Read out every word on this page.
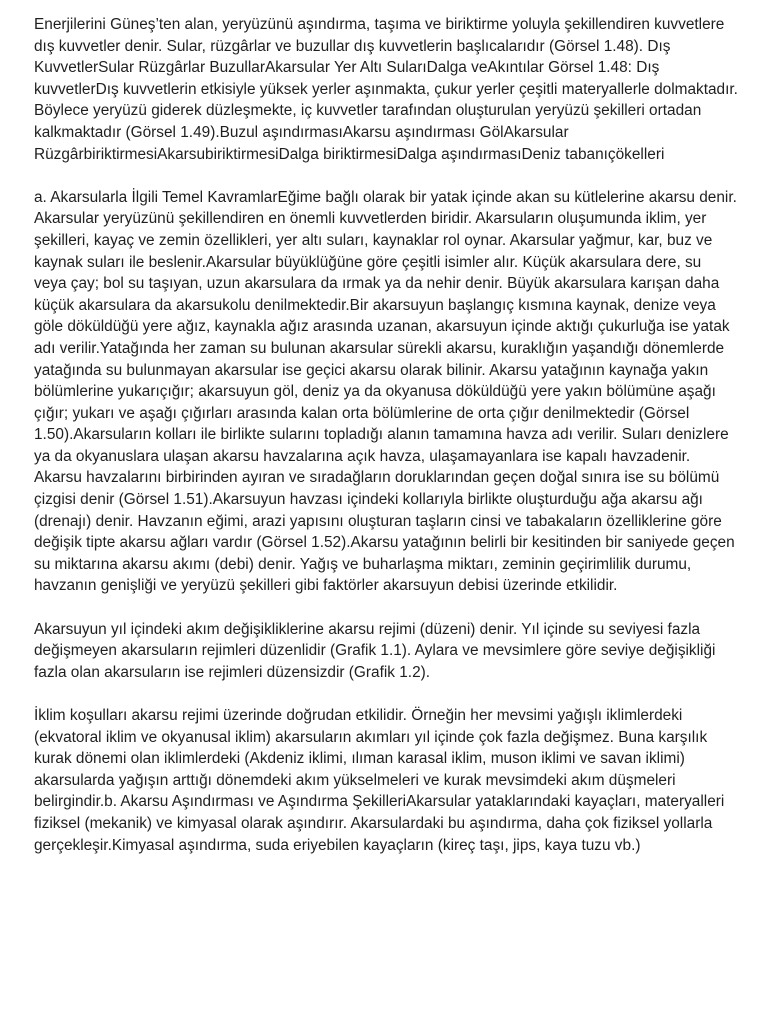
Enerjilerini Güneş’ten alan, yeryüzünü aşındırma, taşıma ve biriktirme yoluyla şekillendiren kuvvetlere dış kuvvetler denir. Sular, rüzgârlar ve buzullar dış kuvvetlerin başlıcalarıdır (Görsel 1.48). Dış KuvvetlerSular Rüzgârlar BuzullarAkarsular Yer Altı SularıDalga veAkıntılar Görsel 1.48: Dış kuvvetlerDış kuvvetlerin etkisiyle yüksek yerler aşınmakta, çukur yerler çeşitli materyallerle dolmaktadır. Böylece yeryüzü giderek düzleşmekte, iç kuvvetler tarafından oluşturulan yeryüzü şekilleri ortadan kalkmaktadır (Görsel 1.49).Buzul aşındırmasıAkarsu aşındırması GölAkarsular RüzgârbiriktirmesiAkarsubiriktirmesiDalga biriktirmesiDalga aşındırmasıDeniz tabanıçökelleri

a. Akarsularla İlgili Temel KavramlarEğime bağlı olarak bir yatak içinde akan su kütlelerine akarsu denir. Akarsular yeryüzünü şekillendiren en önemli kuvvetlerden biridir. Akarsuların oluşumunda iklim, yer şekilleri, kayaç ve zemin özellikleri, yer altı suları, kaynaklar rol oynar. Akarsular yağmur, kar, buz ve kaynak suları ile beslenir.Akarsular büyüklüğüne göre çeşitli isimler alır. Küçük akarsulara dere, su veya çay; bol su taşıyan, uzun akarsulara da ırmak ya da nehir denir. Büyük akarsulara karışan daha küçük akarsulara da akarsukolu denilmektedir.Bir akarsuyun başlangıç kısmına kaynak, denize veya göle döküldüğü yere ağız, kaynakla ağız arasında uzanan, akarsuyun içinde aktığı çukurluğa ise yatak adı verilir.Yatağında her zaman su bulunan akarsular sürekli akarsu, kuraklığın yaşandığı dönemlerde yatağında su bulunmayan akarsular ise geçici akarsu olarak bilinir. Akarsu yatağının kaynağa yakın bölümlerine yukarıçığır; akarsuyun göl, deniz ya da okyanusa döküldüğü yere yakın bölümüne aşağı çığır; yukarı ve aşağı çığırları arasında kalan orta bölümlerine de orta çığır denilmektedir (Görsel 1.50).Akarsuların kolları ile birlikte sularını topladığı alanın tamamına havza adı verilir. Suları denizlere ya da okyanuslara ulaşan akarsu havzalarına açık havza, ulaşamayanlara ise kapalı havzadenir. Akarsu havzalarını birbirinden ayıran ve sıradağların doruklarından geçen doğal sınıra ise su bölümü çizgisi denir (Görsel 1.51).Akarsuyun havzası içindeki kollarıyla birlikte oluşturduğu ağa akarsu ağı (drenajı) denir. Havzanın eğimi, arazi yapısını oluşturan taşların cinsi ve tabakaların özelliklerine göre değişik tipte akarsu ağları vardır (Görsel 1.52).Akarsu yatağının belirli bir kesitinden bir saniyede geçen su miktarına akarsu akımı (debi) denir. Yağış ve buharlaşma miktarı, zeminin geçirimlilik durumu, havzanın genişliği ve yeryüzü şekilleri gibi faktörler akarsuyun debisi üzerinde etkilidir.

Akarsuyun yıl içindeki akım değişikliklerine akarsu rejimi (düzeni) denir. Yıl içinde su seviyesi fazla değişmeyen akarsuların rejimleri düzenlidir (Grafik 1.1). Aylara ve mevsimlere göre seviye değişikliği fazla olan akarsuların ise rejimleri düzensizdir (Grafik 1.2).

İklim koşulları akarsu rejimi üzerinde doğrudan etkilidir. Örneğin her mevsimi yağışlı iklimlerdeki (ekvatoral iklim ve okyanusal iklim) akarsuların akımları yıl içinde çok fazla değişmez. Buna karşılık kurak dönemi olan iklimlerdeki (Akdeniz iklimi, ılıman karasal iklim, muson iklimi ve savan iklimi) akarsularda yağışın arttığı dönemdeki akım yükselmeleri ve kurak mevsimdeki akım düşmeleri belirgindir.b. Akarsu Aşındırması ve Aşındırma ŞekilleriAkarsular yataklarındaki kayaçları, materyalleri fiziksel (mekanik) ve kimyasal olarak aşındırır. Akarsulardaki bu aşındırma, daha çok fiziksel yollarla gerçekleşir.Kimyasal aşındırma, suda eriyebilen kayaçların (kireç taşı, jips, kaya tuzu vb.)
